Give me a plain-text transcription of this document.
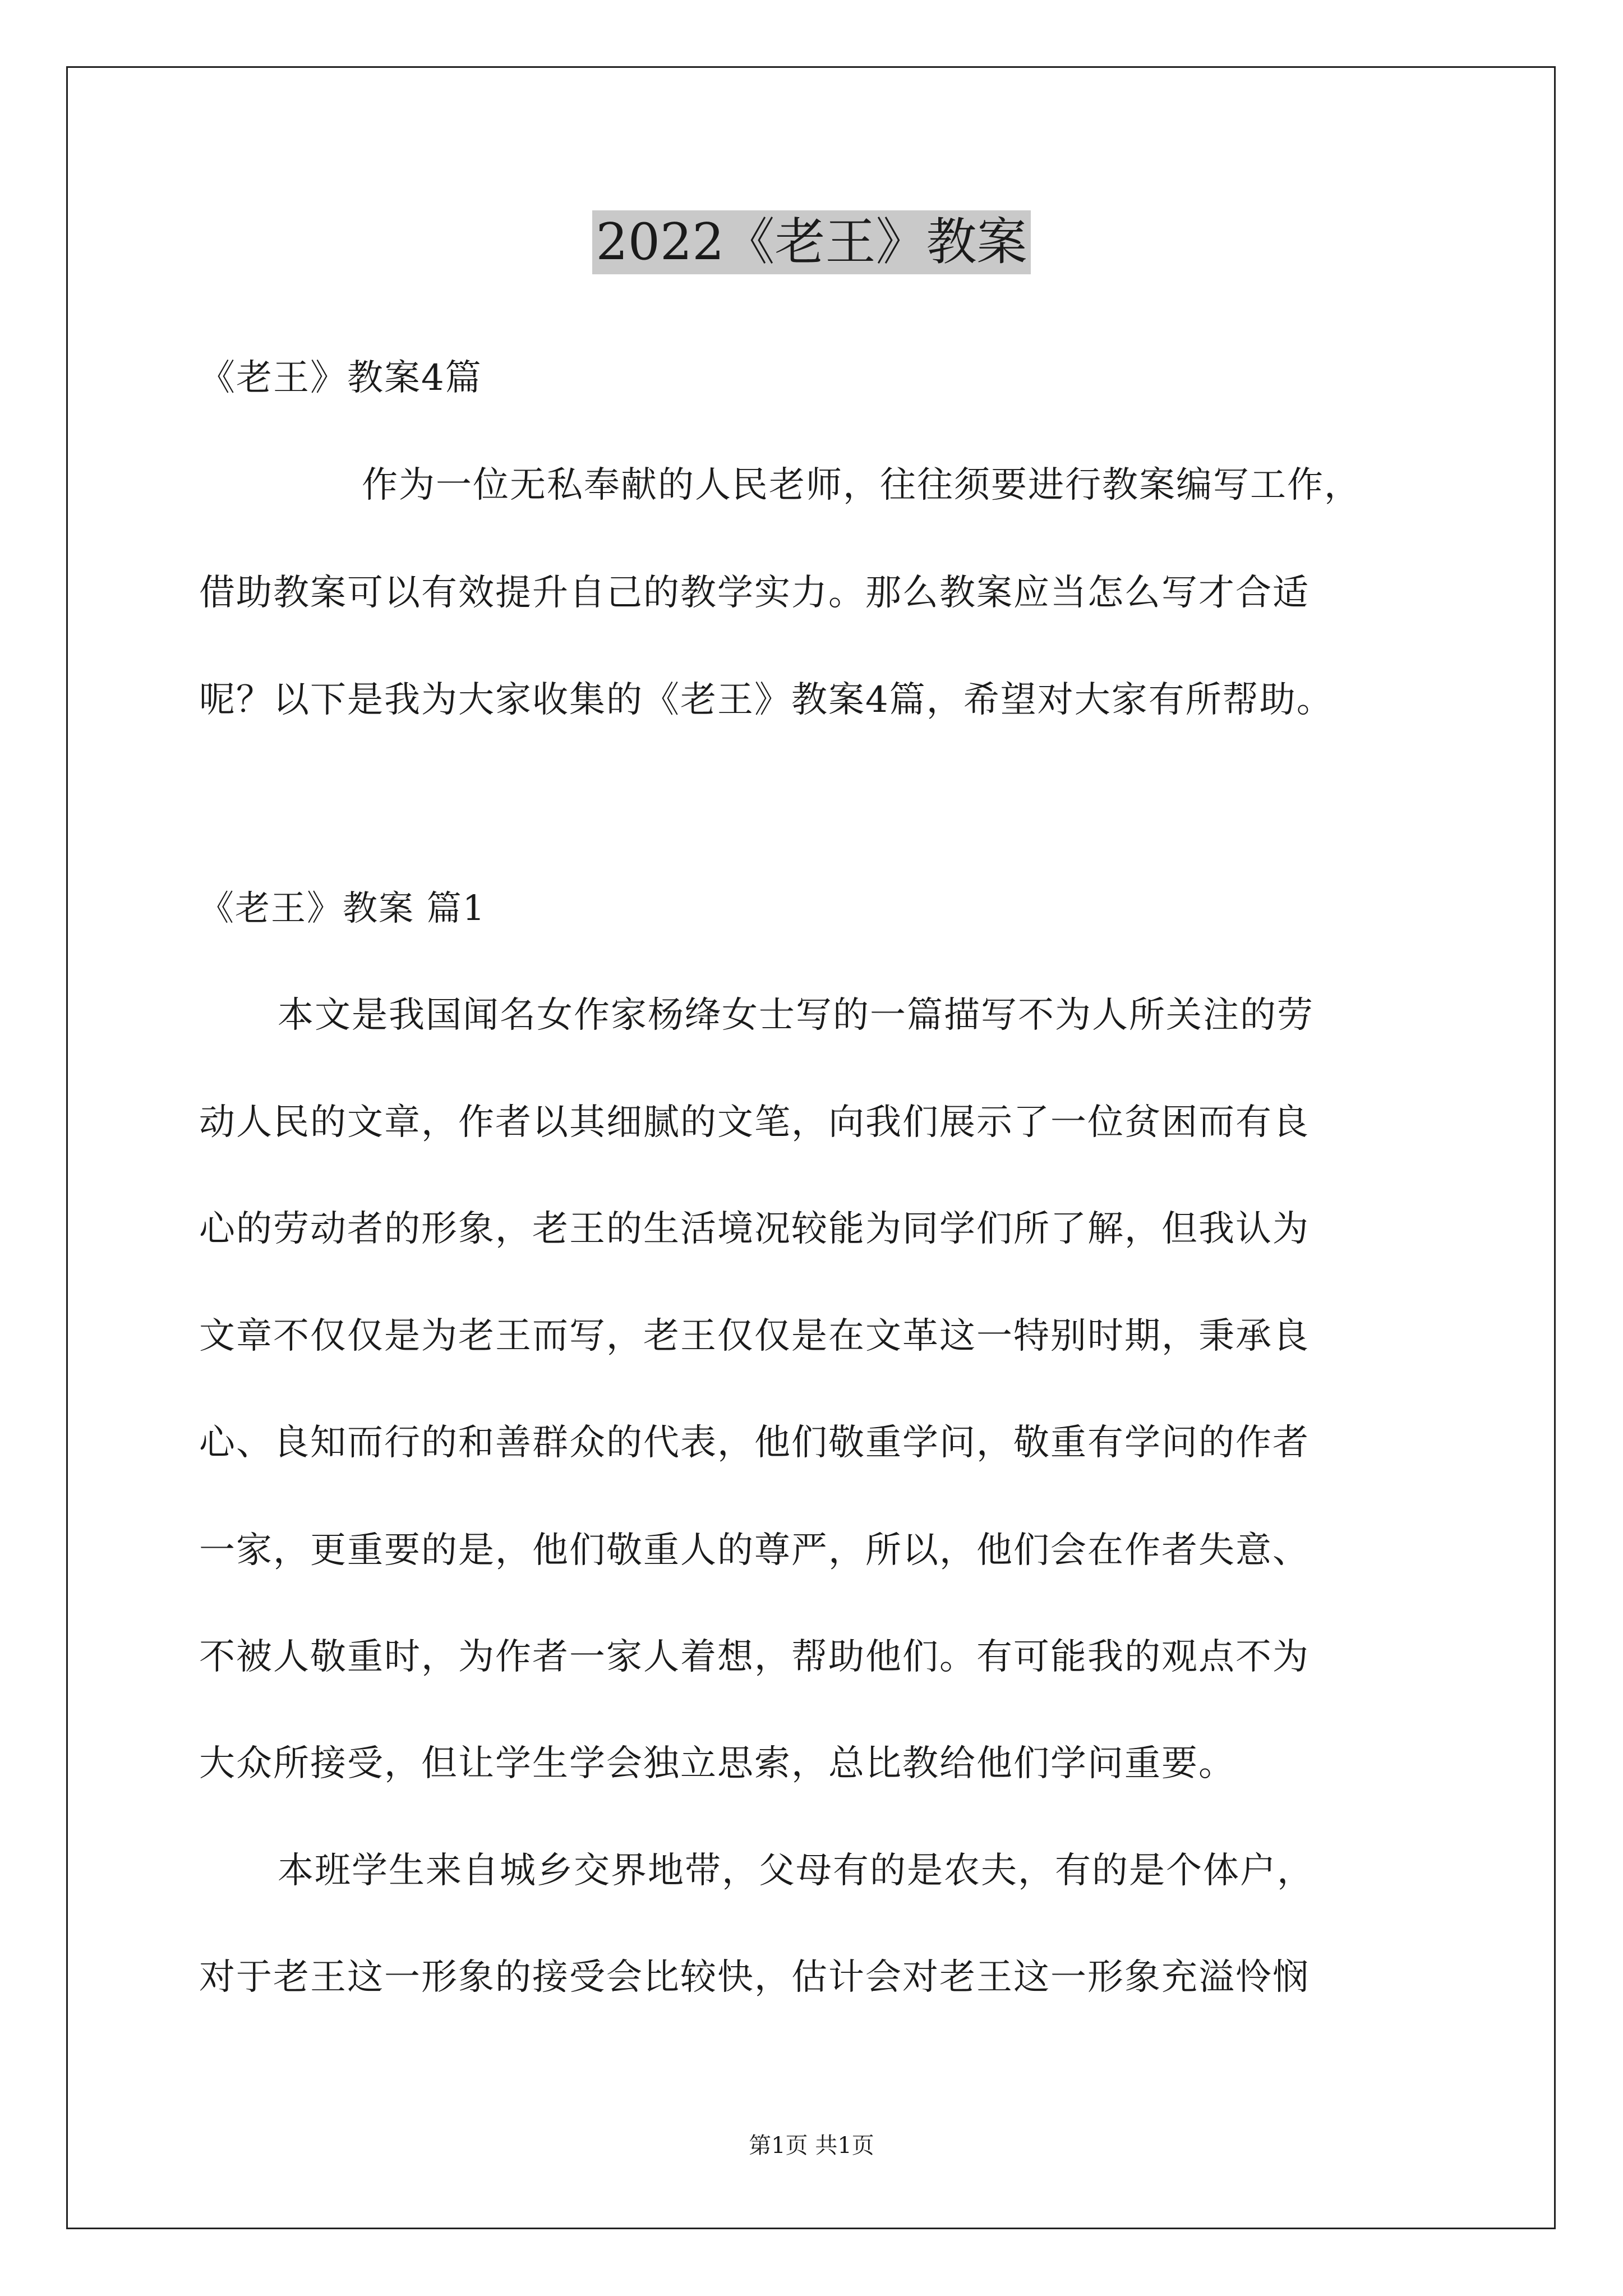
2022《老王》教案
《老王》教案4篇
作为一位无私奉献的人民老师，往往须要进行教案编写工作，
借助教案可以有效提升自己的教学实力。那么教案应当怎么写才合适
呢？以下是我为大家收集的《老王》教案4篇，希望对大家有所帮助。
《老王》教案 篇1
本文是我国闻名女作家杨绛女士写的一篇描写不为人所关注的劳
动人民的文章，作者以其细腻的文笔，向我们展示了一位贫困而有良
心的劳动者的形象，老王的生活境况较能为同学们所了解，但我认为
文章不仅仅是为老王而写，老王仅仅是在文革这一特别时期，秉承良
心、良知而行的和善群众的代表，他们敬重学问，敬重有学问的作者
一家，更重要的是，他们敬重人的尊严，所以，他们会在作者失意、
不被人敬重时，为作者一家人着想，帮助他们。有可能我的观点不为
大众所接受，但让学生学会独立思索，总比教给他们学问重要。
本班学生来自城乡交界地带，父母有的是农夫，有的是个体户，
对于老王这一形象的接受会比较快，估计会对老王这一形象充溢怜悯
第1页 共1页
